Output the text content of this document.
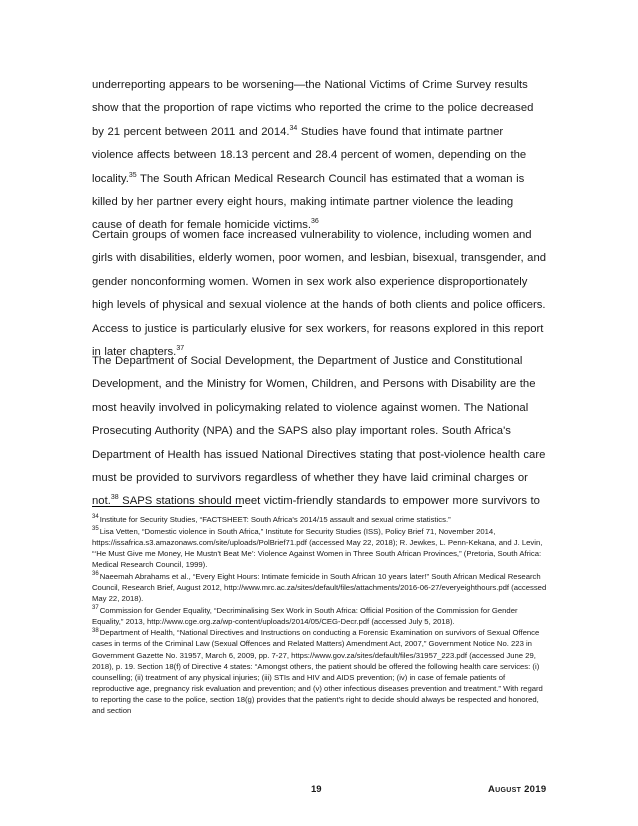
underreporting appears to be worsening—the National Victims of Crime Survey results show that the proportion of rape victims who reported the crime to the police decreased by 21 percent between 2011 and 2014.34 Studies have found that intimate partner violence affects between 18.13 percent and 28.4 percent of women, depending on the locality.$^{35}$ The South African Medical Research Council has estimated that a woman is killed by her partner every eight hours, making intimate partner violence the leading cause of death for female homicide victims.$^{36}$

Certain groups of women face increased vulnerability to violence, including women and girls with disabilities, elderly women, poor women, and lesbian, bisexual, transgender, and gender nonconforming women. Women in sex work also experience disproportionately high levels of physical and sexual violence at the hands of both clients and police officers. Access to justice is particularly elusive for sex workers, for reasons explored in this report in later chapters.$^{37}$

The Department of Social Development, the Department of Justice and Constitutional Development, and the Ministry for Women, Children, and Persons with Disability are the most heavily involved in policymaking related to violence against women. The National Prosecuting Authority (NPA) and the SAPS also play important roles. South Africa's Department of Health has issued National Directives stating that post-violence health care must be provided to survivors regardless of whether they have laid criminal charges or not.$^{38}$ SAPS stations should meet victim-friendly standards to empower more survivors to

$^{34}$Institute for Security Studies, “FACTSHEET: South Africa's 2014/15 assault and sexual crime statistics.”

$^{35}$Lisa Vetten, “Domestic violence in South Africa,” Institute for Security Studies (ISS), Policy Brief 71, November 2014, https://issafrica.s3.amazonaws.com/site/uploads/PolBrief71.pdf (accessed May 22, 2018); R. Jewkes, L. Penn-Kekana, and J. Levin, “‘He Must Give me Money, He Mustn't Beat Me’: Violence Against Women in Three South African Provinces,” (Pretoria, South Africa: Medical Research Council, 1999).

$^{36}$Naeemah Abrahams et al., “Every Eight Hours: Intimate femicide in South African 10 years later!” South African Medical Research Council, Research Brief, August 2012, http://www.mrc.ac.za/sites/default/files/attachments/2016-06-27/everyeighthours.pdf (accessed May 22, 2018).

$^{37}$Commission for Gender Equality, “Decriminalising Sex Work in South Africa: Official Position of the Commission for Gender Equality,” 2013, http://www.cge.org.za/wp-content/uploads/2014/05/CEG-Decr.pdf (accessed July 5, 2018).

$^{38}$Department of Health, “National Directives and Instructions on conducting a Forensic Examination on survivors of Sexual Offence cases in terms of the Criminal Law (Sexual Offences and Related Matters) Amendment Act, 2007,” Government Notice No. 223 in Government Gazette No. 31957, March 6, 2009, pp. 7-27, https://www.gov.za/sites/default/files/31957_223.pdf (accessed June 29, 2018), p. 19. Section 18(f) of Directive 4 states: “Amongst others, the patient should be offered the following health care services: (i) counselling; (ii) treatment of any physical injuries; (iii) STIs and HIV and AIDS prevention; (iv) in case of female patients of reproductive age, pregnancy risk evaluation and prevention; and (v) other infectious diseases prevention and treatment.” With regard to reporting the case to the police, section 18(g) provides that the patient's right to decide should always be respected and honored, and section

19	August 2019
